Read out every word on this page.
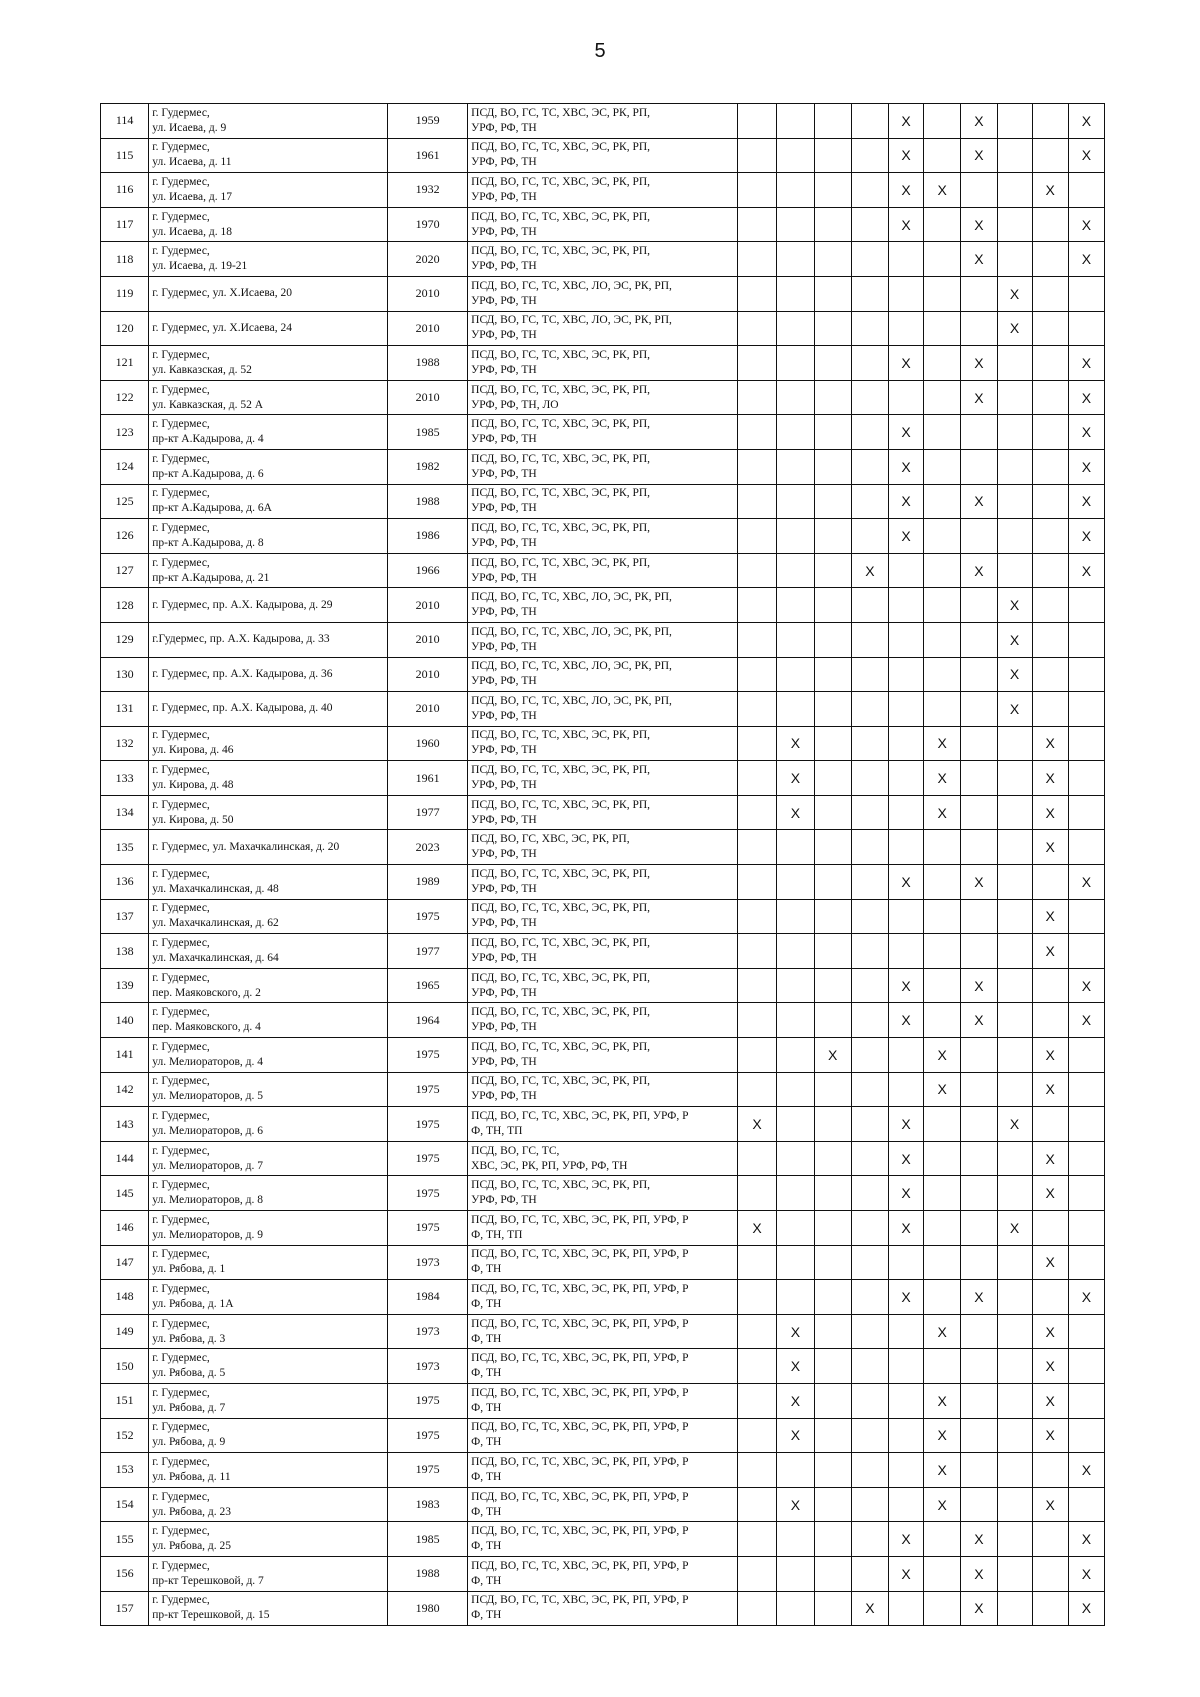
5
114	г. Гудермес,
ул. Исаева, д. 9	1959	ПСД, ВО, ГС, ТС, ХВС, ЭС, РК, РП,
УРФ, РФ, ТН					X		X			X
115	г. Гудермес,
ул. Исаева, д. 11	1961	ПСД, ВО, ГС, ТС, ХВС, ЭС, РК, РП,
УРФ, РФ, ТН					X		X			X
116	г. Гудермес,
ул. Исаева, д. 17	1932	ПСД, ВО, ГС, ТС, ХВС, ЭС, РК, РП,
УРФ, РФ, ТН					X	X			X	
117	г. Гудермес,
ул. Исаева, д. 18	1970	ПСД, ВО, ГС, ТС, ХВС, ЭС, РК, РП,
УРФ, РФ, ТН					X		X			X
118	г. Гудермес,
ул. Исаева, д. 19-21	2020	ПСД, ВО, ГС, ТС, ХВС, ЭС, РК, РП,
УРФ, РФ, ТН							X			X
119	г. Гудермес, ул. Х.Исаева, 20	2010	ПСД, ВО, ГС, ТС, ХВС, ЛО, ЭС, РК, РП,
УРФ, РФ, ТН								X		
120	г. Гудермес, ул. Х.Исаева, 24	2010	ПСД, ВО, ГС, ТС, ХВС, ЛО, ЭС, РК, РП,
УРФ, РФ, ТН								X		
121	г. Гудермес,
ул. Кавказская, д. 52	1988	ПСД, ВО, ГС, ТС, ХВС, ЭС, РК, РП,
УРФ, РФ, ТН					X		X			X
122	г. Гудермес,
ул. Кавказская, д. 52 А	2010	ПСД, ВО, ГС, ТС, ХВС, ЭС, РК, РП,
УРФ, РФ, ТН, ЛО							X			X
123	г. Гудермес,
пр-кт А.Кадырова, д. 4	1985	ПСД, ВО, ГС, ТС, ХВС, ЭС, РК, РП,
УРФ, РФ, ТН					X					X
124	г. Гудермес,
пр-кт А.Кадырова, д. 6	1982	ПСД, ВО, ГС, ТС, ХВС, ЭС, РК, РП,
УРФ, РФ, ТН					X					X
125	г. Гудермес,
пр-кт А.Кадырова, д. 6А	1988	ПСД, ВО, ГС, ТС, ХВС, ЭС, РК, РП,
УРФ, РФ, ТН					X		X			X
126	г. Гудермес,
пр-кт А.Кадырова, д. 8	1986	ПСД, ВО, ГС, ТС, ХВС, ЭС, РК, РП,
УРФ, РФ, ТН					X					X
127	г. Гудермес,
пр-кт А.Кадырова, д. 21	1966	ПСД, ВО, ГС, ТС, ХВС, ЭС, РК, РП,
УРФ, РФ, ТН				X			X			X
128	г. Гудермес, пр. А.Х. Кадырова, д. 29	2010	ПСД, ВО, ГС, ТС, ХВС, ЛО, ЭС, РК, РП,
УРФ, РФ, ТН								X		
129	г.Гудермес, пр. А.Х. Кадырова, д. 33	2010	ПСД, ВО, ГС, ТС, ХВС, ЛО, ЭС, РК, РП,
УРФ, РФ, ТН								X		
130	г. Гудермес, пр. А.Х. Кадырова, д. 36	2010	ПСД, ВО, ГС, ТС, ХВС, ЛО, ЭС, РК, РП,
УРФ, РФ, ТН								X		
131	г. Гудермес, пр. А.Х. Кадырова, д. 40	2010	ПСД, ВО, ГС, ТС, ХВС, ЛО, ЭС, РК, РП,
УРФ, РФ, ТН								X		
132	г. Гудермес,
ул. Кирова, д. 46	1960	ПСД, ВО, ГС, ТС, ХВС, ЭС, РК, РП,
УРФ, РФ, ТН		X				X			X	
133	г. Гудермес,
ул. Кирова, д. 48	1961	ПСД, ВО, ГС, ТС, ХВС, ЭС, РК, РП,
УРФ, РФ, ТН		X				X			X	
134	г. Гудермес,
ул. Кирова, д. 50	1977	ПСД, ВО, ГС, ТС, ХВС, ЭС, РК, РП,
УРФ, РФ, ТН		X				X			X	
135	г. Гудермес, ул. Махачкалинская, д. 20	2023	ПСД, ВО, ГС, ХВС, ЭС, РК, РП,
УРФ, РФ, ТН									X	
136	г. Гудермес,
ул. Махачкалинская, д. 48	1989	ПСД, ВО, ГС, ТС, ХВС, ЭС, РК, РП,
УРФ, РФ, ТН					X		X			X
137	г. Гудермес,
ул. Махачкалинская, д. 62	1975	ПСД, ВО, ГС, ТС, ХВС, ЭС, РК, РП,
УРФ, РФ, ТН									X	
138	г. Гудермес,
ул. Махачкалинская, д. 64	1977	ПСД, ВО, ГС, ТС, ХВС, ЭС, РК, РП,
УРФ, РФ, ТН									X	
139	г. Гудермес,
пер. Маяковского, д. 2	1965	ПСД, ВО, ГС, ТС, ХВС, ЭС, РК, РП,
УРФ, РФ, ТН					X		X			X
140	г. Гудермес,
пер. Маяковского, д. 4	1964	ПСД, ВО, ГС, ТС, ХВС, ЭС, РК, РП,
УРФ, РФ, ТН					X		X			X
141	г. Гудермес,
ул. Мелиораторов, д. 4	1975	ПСД, ВО, ГС, ТС, ХВС, ЭС, РК, РП,
УРФ, РФ, ТН			X			X			X	
142	г. Гудермес,
ул. Мелиораторов, д. 5	1975	ПСД, ВО, ГС, ТС, ХВС, ЭС, РК, РП,
УРФ, РФ, ТН						X			X	
143	г. Гудермес,
ул. Мелиораторов, д. 6	1975	ПСД, ВО, ГС, ТС, ХВС, ЭС, РК, РП, УРФ, Р
Ф, ТН, ТП	X				X			X		
144	г. Гудермес,
ул. Мелиораторов, д. 7	1975	ПСД, ВО, ГС, ТС,
ХВС, ЭС, РК, РП, УРФ, РФ, ТН					X				X	
145	г. Гудермес,
ул. Мелиораторов, д. 8	1975	ПСД, ВО, ГС, ТС, ХВС, ЭС, РК, РП,
УРФ, РФ, ТН					X				X	
146	г. Гудермес,
ул. Мелиораторов, д. 9	1975	ПСД, ВО, ГС, ТС, ХВС, ЭС, РК, РП, УРФ, Р
Ф, ТН, ТП	X				X			X		
147	г. Гудермес,
ул. Рябова, д. 1	1973	ПСД, ВО, ГС, ТС, ХВС, ЭС, РК, РП, УРФ, Р
Ф, ТН									X	
148	г. Гудермес,
ул. Рябова, д. 1А	1984	ПСД, ВО, ГС, ТС, ХВС, ЭС, РК, РП, УРФ, Р
Ф, ТН					X		X			X
149	г. Гудермес,
ул. Рябова, д. 3	1973	ПСД, ВО, ГС, ТС, ХВС, ЭС, РК, РП, УРФ, Р
Ф, ТН		X				X			X	
150	г. Гудермес,
ул. Рябова, д. 5	1973	ПСД, ВО, ГС, ТС, ХВС, ЭС, РК, РП, УРФ, Р
Ф, ТН		X							X	
151	г. Гудермес,
ул. Рябова, д. 7	1975	ПСД, ВО, ГС, ТС, ХВС, ЭС, РК, РП, УРФ, Р
Ф, ТН		X				X			X	
152	г. Гудермес,
ул. Рябова, д. 9	1975	ПСД, ВО, ГС, ТС, ХВС, ЭС, РК, РП, УРФ, Р
Ф, ТН		X				X			X	
153	г. Гудермес,
ул. Рябова, д. 11	1975	ПСД, ВО, ГС, ТС, ХВС, ЭС, РК, РП, УРФ, Р
Ф, ТН						X				X
154	г. Гудермес,
ул. Рябова, д. 23	1983	ПСД, ВО, ГС, ТС, ХВС, ЭС, РК, РП, УРФ, Р
Ф, ТН		X				X			X	
155	г. Гудермес,
ул. Рябова, д. 25	1985	ПСД, ВО, ГС, ТС, ХВС, ЭС, РК, РП, УРФ, Р
Ф, ТН					X		X			X
156	г. Гудермес,
пр-кт Терешковой, д. 7	1988	ПСД, ВО, ГС, ТС, ХВС, ЭС, РК, РП, УРФ, Р
Ф, ТН					X		X			X
157	г. Гудермес,
пр-кт Терешковой, д. 15	1980	ПСД, ВО, ГС, ТС, ХВС, ЭС, РК, РП, УРФ, Р
Ф, ТН				X			X			X
